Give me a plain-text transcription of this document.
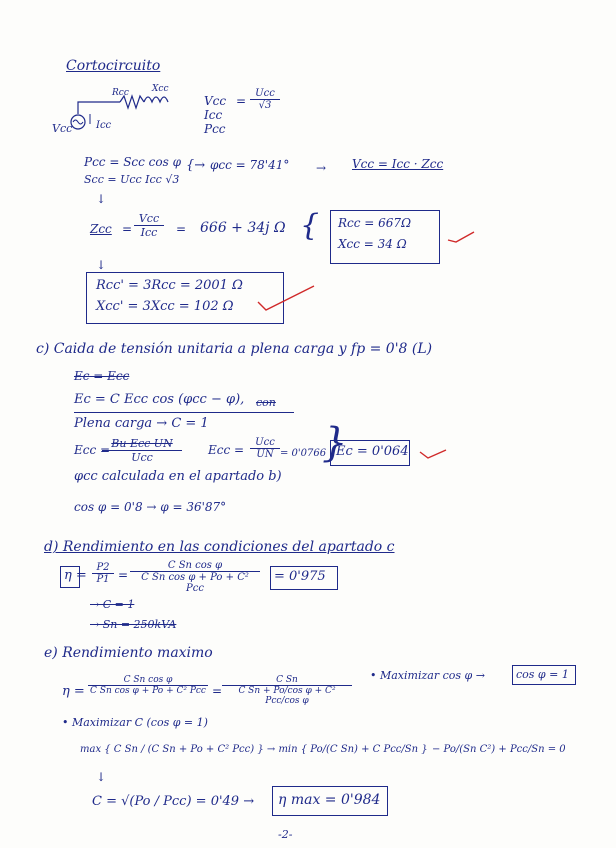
Cortocircuito
Rcc	Xcc
Vcc Icc
Vcc =
Ucc
√3
Icc
Pcc
Pcc = Scc cos φ
Scc = Ucc Icc √3
{→ φcc = 78'41° → Vcc = Icc · Zcc
↓
Zcc =
Vcc
Icc	= 666 + 34j Ω { Rcc = 667Ω
Xcc = 34 Ω
↓
Rcc' = 3Rcc = 2001 Ω
Xcc' = 3Xcc = 102 Ω
c) Caida de tensión unitaria a plena carga y fp = 0'8 (L)
Ec = Ecc
Ec = C Ecc cos (φcc − φ), con
Plena carga → C = 1
Ecc = Bu Ecc UN
Ucc
Ecc =
Ucc
UN = 0'0766
}
Ec = 0'064
φcc calculada en el apartado b)
cos φ = 0'8 → φ = 36'87°
d) Rendimiento en las condiciones del apartado c
$\eta = \frac{P2}{P1}$ =
C Sn cos φ
C Sn cos φ + Po + C² Pcc
= 0'975
→ C = 1
→ Sn = 250kVA
e) Rendimiento maximo
η =
C Sn cos φ
C Sn cos φ + Po + C² Pcc =
C Sn
C Sn + Po/cos φ + C² Pcc/cos φ
• Maximizar cos φ →	cos φ = 1
• Maximizar C (cos φ = 1)
max { C Sn / (C Sn + Po + C² Pcc) } → min { Po/(C Sn) + C Pcc/Sn } − Po/(Sn C²) + Pcc/Sn = 0
↓
C = √(Po / Pcc) = 0'49 → η max = 0'984
-2-
